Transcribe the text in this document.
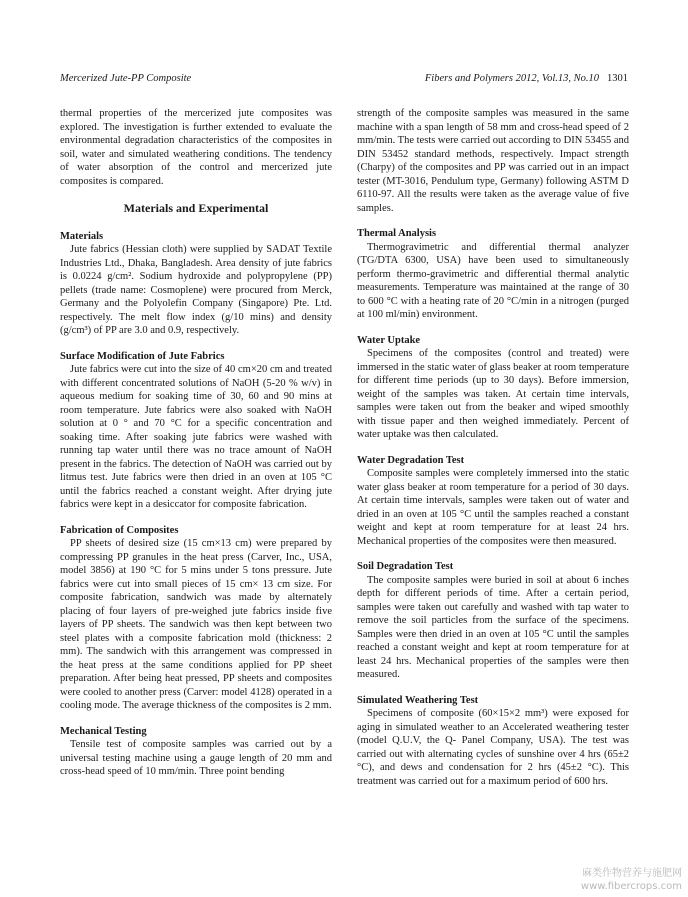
Mercerized Jute-PP Composite	Fibers and Polymers 2012, Vol.13, No.10 1301

thermal properties of the mercerized jute composites was explored. The investigation is further extended to evaluate the environmental degradation characteristics of the composites in soil, water and simulated weathering conditions. The tendency of water absorption of the control and mercerized jute composites is compared.

Materials and Experimental
Materials

Jute fabrics (Hessian cloth) were supplied by SADAT Textile Industries Ltd., Dhaka, Bangladesh. Area density of jute fabrics is 0.0224 g/cm². Sodium hydroxide and polypropylene (PP) pellets (trade name: Cosmoplene) were procured from Merck, Germany and the Polyolefin Company (Singapore) Pte. Ltd. respectively. The melt flow index (g/10 mins) and density (g/cm³) of PP are 3.0 and 0.9, respectively.

Surface Modification of Jute Fabrics

Jute fabrics were cut into the size of 40 cm×20 cm and treated with different concentrated solutions of NaOH (5-20 % w/v) in aqueous medium for soaking time of 30, 60 and 90 mins at room temperature. Jute fabrics were also soaked with NaOH solution at 0 ° and 70 °C for a specific concentration and soaking time. After soaking jute fabrics were washed with running tap water until there was no trace amount of NaOH present in the fabrics. The detection of NaOH was carried out by litmus test. Jute fabrics were then dried in an oven at 105 °C until the fabrics reached a constant weight. After drying jute fabrics were kept in a desiccator for composite fabrication.

Fabrication of Composites

PP sheets of desired size (15 cm×13 cm) were prepared by compressing PP granules in the heat press (Carver, Inc., USA, model 3856) at 190 °C for 5 mins under 5 tons pressure. Jute fabrics were cut into small pieces of 15 cm× 13 cm size. For composite fabrication, sandwich was made by alternately placing of four layers of pre-weighed jute fabrics inside five layers of PP sheets. The sandwich was then kept between two steel plates with a composite fabrication mold (thickness: 2 mm). The sandwich with this arrangement was compressed in the heat press at the same conditions applied for PP sheet preparation. After being heat pressed, PP sheets and composites were cooled to another press (Carver: model 4128) operated in a cooling mode. The average thickness of the composites is 2 mm.

Mechanical Testing

Tensile test of composite samples was carried out by a universal testing machine using a gauge length of 20 mm and cross-head speed of 10 mm/min. Three point bending

strength of the composite samples was measured in the same machine with a span length of 58 mm and cross-head speed of 2 mm/min. The tests were carried out according to DIN 53455 and DIN 53452 standard methods, respectively. Impact strength (Charpy) of the composites and PP was carried out in an impact tester (MT-3016, Pendulum type, Germany) following ASTM D 6110-97. All the results were taken as the average value of five samples.

Thermal Analysis

Thermogravimetric and differential thermal analyzer (TG/DTA 6300, USA) have been used to simultaneously perform thermo-gravimetric and differential thermal analytic measurements. Temperature was maintained at the range of 30 to 600 °C with a heating rate of 20 °C/min in a nitrogen (purged at 100 ml/min) environment.

Water Uptake

Specimens of the composites (control and treated) were immersed in the static water of glass beaker at room temperature for different time periods (up to 30 days). Before immersion, weight of the samples was taken. At certain time intervals, samples were taken out from the beaker and wiped smoothly with tissue paper and then weighed immediately. Percent of water uptake was then calculated.

Water Degradation Test

Composite samples were completely immersed into the static water glass beaker at room temperature for a period of 30 days. At certain time intervals, samples were taken out of water and dried in an oven at 105 °C until the samples reached a constant weight and kept at room temperature for at least 24 hrs. Mechanical properties of the composites were then measured.

Soil Degradation Test

The composite samples were buried in soil at about 6 inches depth for different periods of time. After a certain period, samples were taken out carefully and washed with tap water to remove the soil particles from the surface of the specimens. Samples were then dried in an oven at 105 °C until the samples reached a constant weight and kept at room temperature for at least 24 hrs. Mechanical properties of the samples were then measured.

Simulated Weathering Test

Specimens of composite (60×15×2 mm³) were exposed for aging in simulated weather to an Accelerated weathering tester (model Q.U.V, the Q- Panel Company, USA). The test was carried out with alternating cycles of sunshine over 4 hrs (65±2 °C), and dews and condensation for 2 hrs (45±2 °C). This treatment was carried out for a maximum period of 600 hrs.

麻类作物营养与施肥网
www.fibercrops.com
